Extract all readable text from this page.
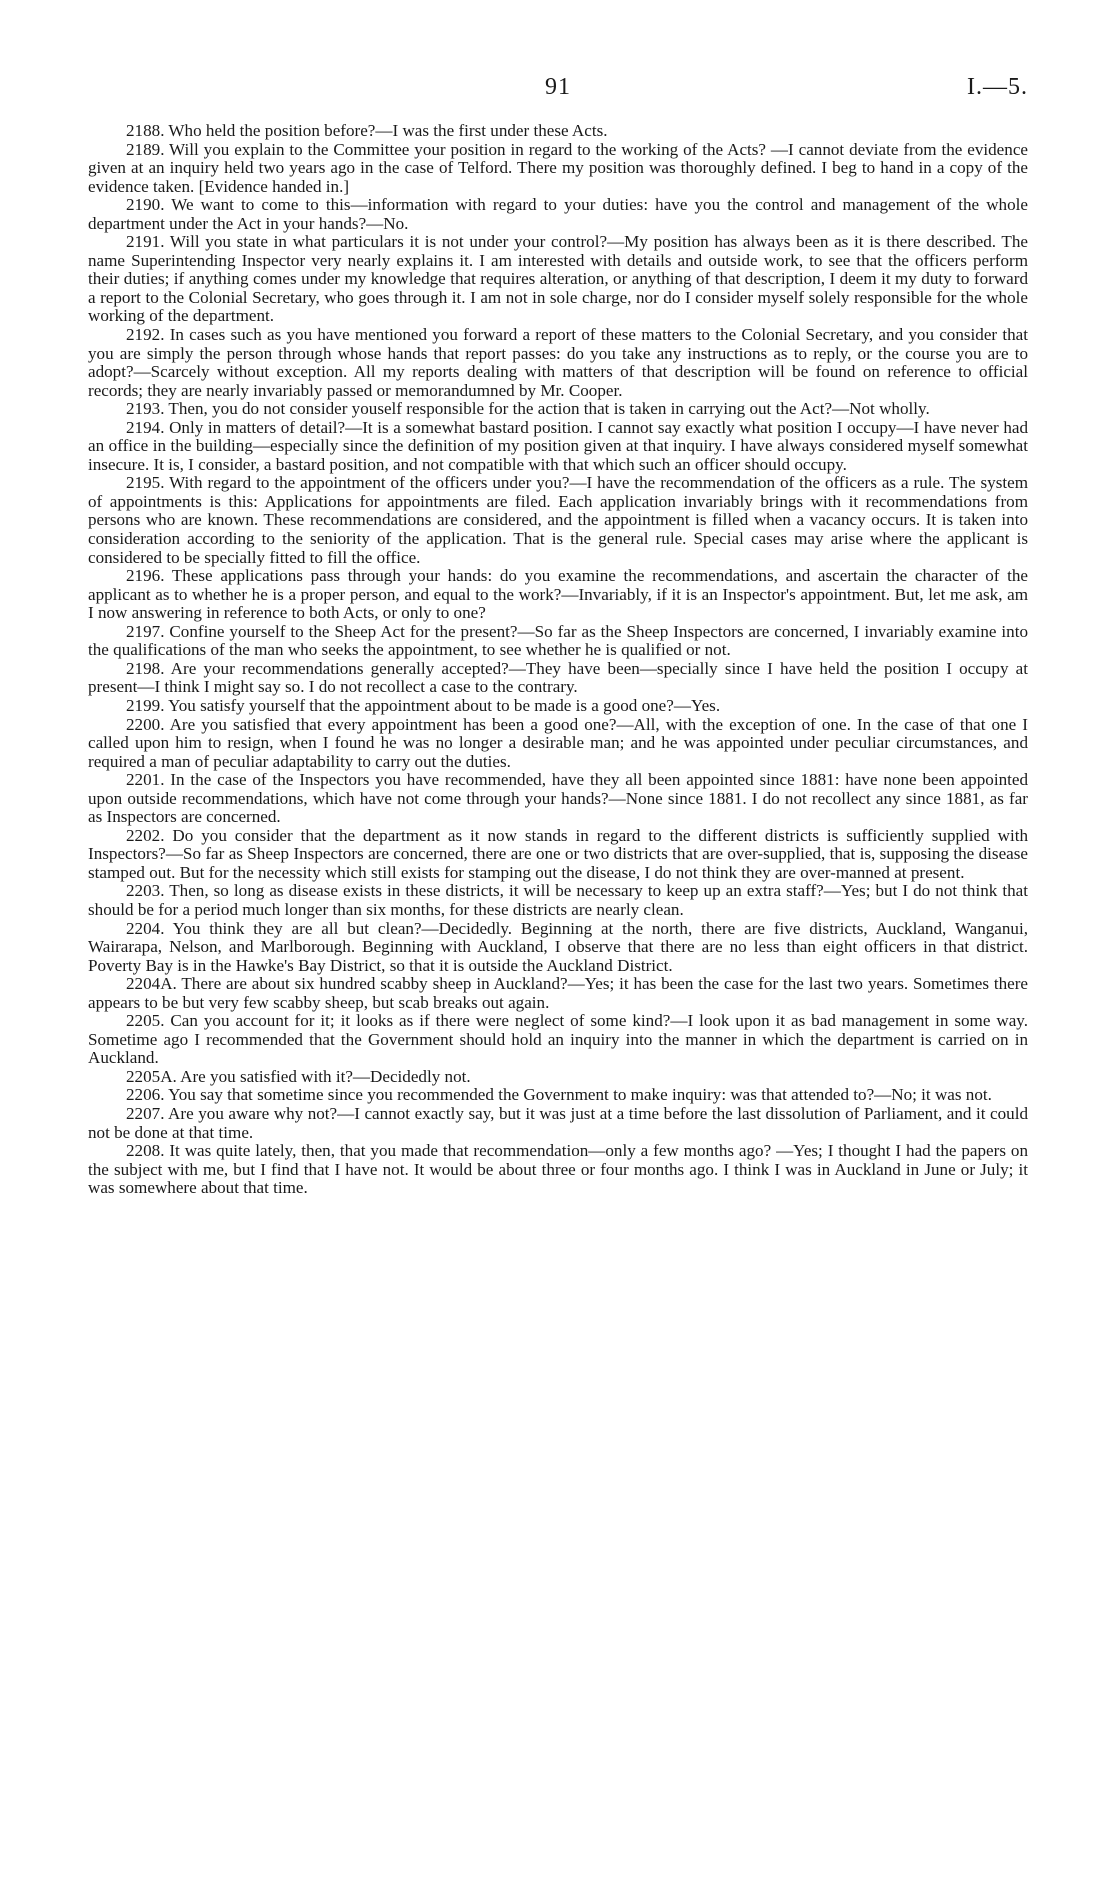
91	I.—5.

2188. Who held the position before?—I was the first under these Acts.

2189. Will you explain to the Committee your position in regard to the working of the Acts? —I cannot deviate from the evidence given at an inquiry held two years ago in the case of Telford. There my position was thoroughly defined. I beg to hand in a copy of the evidence taken. [Evidence handed in.]

2190. We want to come to this—information with regard to your duties: have you the control and management of the whole department under the Act in your hands?—No.

2191. Will you state in what particulars it is not under your control?—My position has always been as it is there described. The name Superintending Inspector very nearly explains it. I am interested with details and outside work, to see that the officers perform their duties; if anything comes under my knowledge that requires alteration, or anything of that description, I deem it my duty to forward a report to the Colonial Secretary, who goes through it. I am not in sole charge, nor do I consider myself solely responsible for the whole working of the department.

2192. In cases such as you have mentioned you forward a report of these matters to the Colonial Secretary, and you consider that you are simply the person through whose hands that report passes: do you take any instructions as to reply, or the course you are to adopt?—Scarcely without exception. All my reports dealing with matters of that description will be found on reference to official records; they are nearly invariably passed or memorandumned by Mr. Cooper.

2193. Then, you do not consider youself responsible for the action that is taken in carrying out the Act?—Not wholly.

2194. Only in matters of detail?—It is a somewhat bastard position. I cannot say exactly what position I occupy—I have never had an office in the building—especially since the definition of my position given at that inquiry. I have always considered myself somewhat insecure. It is, I consider, a bastard position, and not compatible with that which such an officer should occupy.

2195. With regard to the appointment of the officers under you?—I have the recommendation of the officers as a rule. The system of appointments is this: Applications for appointments are filed. Each application invariably brings with it recommendations from persons who are known. These recommendations are considered, and the appointment is filled when a vacancy occurs. It is taken into consideration according to the seniority of the application. That is the general rule. Special cases may arise where the applicant is considered to be specially fitted to fill the office.

2196. These applications pass through your hands: do you examine the recommendations, and ascertain the character of the applicant as to whether he is a proper person, and equal to the work?—Invariably, if it is an Inspector's appointment. But, let me ask, am I now answering in reference to both Acts, or only to one?

2197. Confine yourself to the Sheep Act for the present?—So far as the Sheep Inspectors are concerned, I invariably examine into the qualifications of the man who seeks the appointment, to see whether he is qualified or not.

2198. Are your recommendations generally accepted?—They have been—specially since I have held the position I occupy at present—I think I might say so. I do not recollect a case to the contrary.

2199. You satisfy yourself that the appointment about to be made is a good one?—Yes.

2200. Are you satisfied that every appointment has been a good one?—All, with the exception of one. In the case of that one I called upon him to resign, when I found he was no longer a desirable man; and he was appointed under peculiar circumstances, and required a man of peculiar adaptability to carry out the duties.

2201. In the case of the Inspectors you have recommended, have they all been appointed since 1881: have none been appointed upon outside recommendations, which have not come through your hands?—None since 1881. I do not recollect any since 1881, as far as Inspectors are concerned.

2202. Do you consider that the department as it now stands in regard to the different districts is sufficiently supplied with Inspectors?—So far as Sheep Inspectors are concerned, there are one or two districts that are over-supplied, that is, supposing the disease stamped out. But for the necessity which still exists for stamping out the disease, I do not think they are over-manned at present.

2203. Then, so long as disease exists in these districts, it will be necessary to keep up an extra staff?—Yes; but I do not think that should be for a period much longer than six months, for these districts are nearly clean.

2204. You think they are all but clean?—Decidedly. Beginning at the north, there are five districts, Auckland, Wanganui, Wairarapa, Nelson, and Marlborough. Beginning with Auckland, I observe that there are no less than eight officers in that district. Poverty Bay is in the Hawke's Bay District, so that it is outside the Auckland District.

2204A. There are about six hundred scabby sheep in Auckland?—Yes; it has been the case for the last two years. Sometimes there appears to be but very few scabby sheep, but scab breaks out again.

2205. Can you account for it; it looks as if there were neglect of some kind?—I look upon it as bad management in some way. Sometime ago I recommended that the Government should hold an inquiry into the manner in which the department is carried on in Auckland.

2205A. Are you satisfied with it?—Decidedly not.

2206. You say that sometime since you recommended the Government to make inquiry: was that attended to?—No; it was not.

2207. Are you aware why not?—I cannot exactly say, but it was just at a time before the last dissolution of Parliament, and it could not be done at that time.

2208. It was quite lately, then, that you made that recommendation—only a few months ago? —Yes; I thought I had the papers on the subject with me, but I find that I have not. It would be about three or four months ago. I think I was in Auckland in June or July; it was somewhere about that time.
